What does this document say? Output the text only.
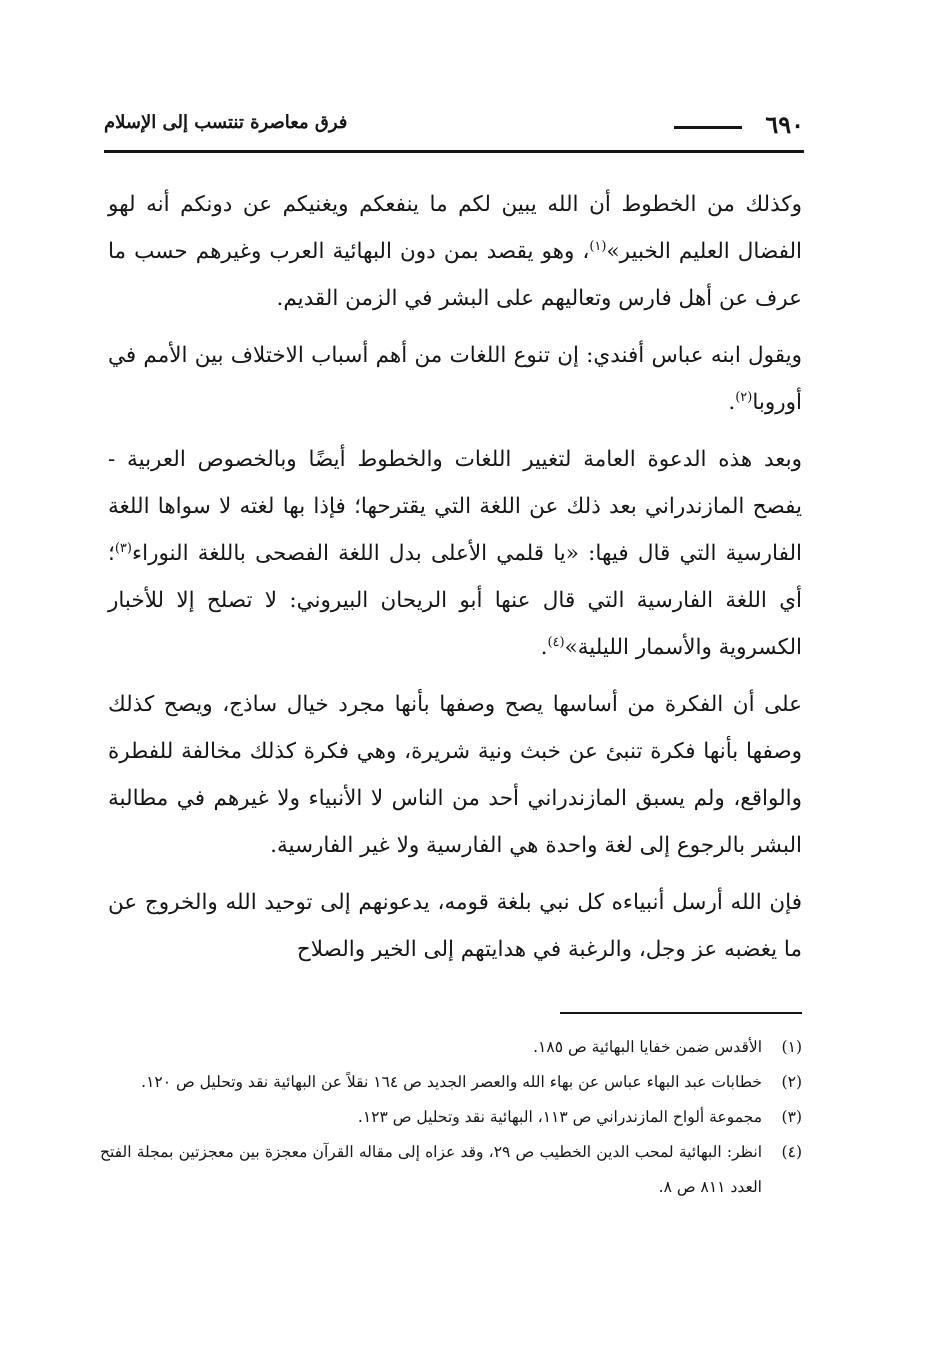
٦٩٠
فرق معاصرة تنتسب إلى الإسلام

وكذلك من الخطوط أن الله يبين لكم ما ينفعكم ويغنيكم عن دونكم أنه لهو الفضال العليم الخبير»$^{(١)}$، وهو يقصد بمن دون البهائية العرب وغيرهم حسب ما عرف عن أهل فارس وتعاليهم على البشر في الزمن القديم.

ويقول ابنه عباس أفندي: إن تنوع اللغات من أهم أسباب الاختلاف بين الأمم في أوروبا$^{(٢)}$.

وبعد هذه الدعوة العامة لتغيير اللغات والخطوط أيضًا وبالخصوص العربية - يفصح المازندراني بعد ذلك عن اللغة التي يقترحها؛ فإذا بها لغته لا سواها اللغة الفارسية التي قال فيها: «يا قلمي الأعلى بدل اللغة الفصحى باللغة النوراء$^{(٣)}$؛ أي اللغة الفارسية التي قال عنها أبو الريحان البيروني: لا تصلح إلا للأخبار الكسروية والأسمار الليلية»$^{(٤)}$.

على أن الفكرة من أساسها يصح وصفها بأنها مجرد خيال ساذج، ويصح كذلك وصفها بأنها فكرة تنبئ عن خبث ونية شريرة، وهي فكرة كذلك مخالفة للفطرة والواقع، ولم يسبق المازندراني أحد من الناس لا الأنبياء ولا غيرهم في مطالبة البشر بالرجوع إلى لغة واحدة هي الفارسية ولا غير الفارسية.

فإن الله أرسل أنبياءه كل نبي بلغة قومه، يدعونهم إلى توحيد الله والخروج عن ما يغضبه عز وجل، والرغبة في هدايتهم إلى الخير والصلاح

(١)
الأقدس ضمن خفايا البهائية ص ١٨٥.
(٢)
خطابات عبد البهاء عباس عن بهاء الله والعصر الجديد ص ١٦٤ نقلاً عن البهائية نقد وتحليل ص ١٢٠.
(٣)
مجموعة ألواح المازندراني ص ١١٣، البهائية نقد وتحليل ص ١٢٣.
(٤)
انظر: البهائية لمحب الدين الخطيب ص ٢٩، وقد عزاه إلى مقاله القرآن معجزة بين معجزتين بمجلة الفتح العدد ٨١١ ص ٨.
